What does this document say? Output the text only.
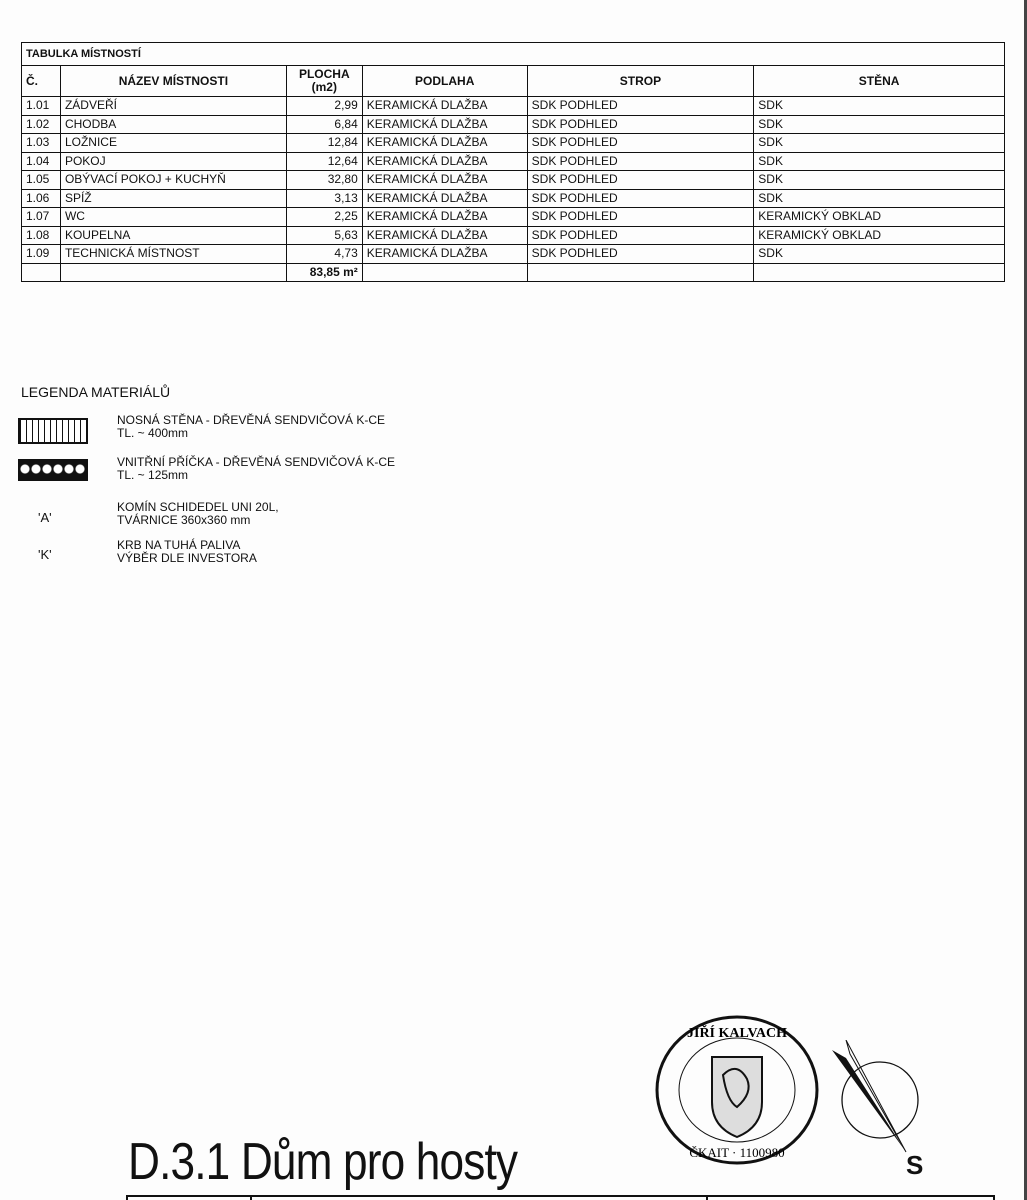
TABULKA MÍSTNOSTÍ					
Č.	NÁZEV MÍSTNOSTI	PLOCHA (m2)	PODLAHA	STROP	STĚNA
1.01	ZÁDVEŘÍ	2,99	KERAMICKÁ DLAŽBA	SDK PODHLED	SDK
1.02	CHODBA	6,84	KERAMICKÁ DLAŽBA	SDK PODHLED	SDK
1.03	LOŽNICE	12,84	KERAMICKÁ DLAŽBA	SDK PODHLED	SDK
1.04	POKOJ	12,64	KERAMICKÁ DLAŽBA	SDK PODHLED	SDK
1.05	OBÝVACÍ POKOJ + KUCHYŇ	32,80	KERAMICKÁ DLAŽBA	SDK PODHLED	SDK
1.06	SPÍŽ	3,13	KERAMICKÁ DLAŽBA	SDK PODHLED	SDK
1.07	WC	2,25	KERAMICKÁ DLAŽBA	SDK PODHLED	KERAMICKÝ OBKLAD
1.08	KOUPELNA	5,63	KERAMICKÁ DLAŽBA	SDK PODHLED	KERAMICKÝ OBKLAD
1.09	TECHNICKÁ MÍSTNOST	4,73	KERAMICKÁ DLAŽBA	SDK PODHLED	SDK
		83,85 m²			
LEGENDA MATERIÁLŮ
NOSNÁ STĚNA - DŘEVĚNÁ SENDVIČOVÁ K-CE
TL. ~ 400mm
VNITŘNÍ PŘÍČKA - DŘEVĚNÁ SENDVIČOVÁ K-CE
TL. ~ 125mm
'A'
KOMÍN SCHIDEDEL UNI 20L,
TVÁRNICE 360x360 mm
'K'
KRB NA TUHÁ PALIVA
VÝBĚR DLE INVESTORA
D.3.1 Dům pro hosty
JIŘÍ KALVACH
ČKAIT · 1100980	S
